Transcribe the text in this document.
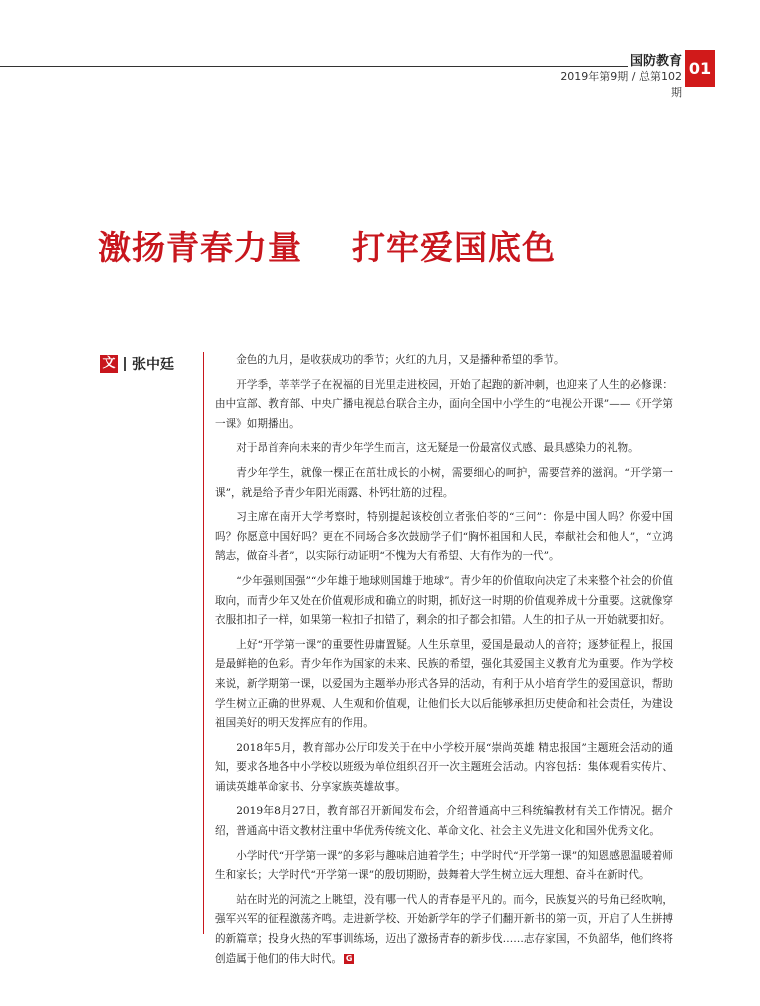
国防教育
2019年第9期 / 总第102期
01
激扬青春力量    打牢爱国底色
文 张中廷	金色的九月，是收获成功的季节；火红的九月，又是播种希望的季节。

开学季，莘莘学子在祝福的目光里走进校园，开始了起跑的新冲刺，也迎来了人生的必修课：由中宣部、教育部、中央广播电视总台联合主办，面向全国中小学生的“电视公开课”——《开学第一课》如期播出。

对于昂首奔向未来的青少年学生而言，这无疑是一份最富仪式感、最具感染力的礼物。

青少年学生，就像一棵正在茁壮成长的小树，需要细心的呵护，需要营养的滋润。“开学第一课”，就是给予青少年阳光雨露、朴钙壮筋的过程。

习主席在南开大学考察时，特别提起该校创立者张伯苓的“三问”：你是中国人吗？你爱中国吗？你愿意中国好吗？更在不同场合多次鼓励学子们“胸怀祖国和人民，奉献社会和他人”，“立鸿鹄志，做奋斗者”，以实际行动证明“不愧为大有希望、大有作为的一代”。

“少年强则国强”“少年雄于地球则国雄于地球”。青少年的价值取向决定了未来整个社会的价值取向，而青少年又处在价值观形成和确立的时期，抓好这一时期的价值观养成十分重要。这就像穿衣服扣扣子一样，如果第一粒扣子扣错了，剩余的扣子都会扣错。人生的扣子从一开始就要扣好。

上好“开学第一课”的重要性毋庸置疑。人生乐章里，爱国是最动人的音符；逐梦征程上，报国是最鲜艳的色彩。青少年作为国家的未来、民族的希望，强化其爱国主义教育尤为重要。作为学校来说，新学期第一课，以爱国为主题举办形式各异的活动，有利于从小培育学生的爱国意识，帮助学生树立正确的世界观、人生观和价值观，让他们长大以后能够承担历史使命和社会责任，为建设祖国美好的明天发挥应有的作用。

2018年5月，教育部办公厅印发关于在中小学校开展“崇尚英雄 精忠报国”主题班会活动的通知，要求各地各中小学校以班级为单位组织召开一次主题班会活动。内容包括：集体观看实传片、诵读英雄革命家书、分享家族英雄故事。

2019年8月27日，教育部召开新闻发布会，介绍普通高中三科统编教材有关工作情况。据介绍，普通高中语文教材注重中华优秀传统文化、革命文化、社会主义先进文化和国外优秀文化。

小学时代“开学第一课”的多彩与趣味启迪着学生；中学时代“开学第一课”的知恩感恩温暖着师生和家长；大学时代“开学第一课”的殷切期盼，鼓舞着大学生树立远大理想、奋斗在新时代。

站在时光的河流之上眺望，没有哪一代人的青春是平凡的。而今，民族复兴的号角已经吹响，强军兴军的征程激荡齐鸣。走进新学校、开始新学年的学子们翻开新书的第一页，开启了人生拼搏的新篇章；投身火热的军事训练场，迈出了激扬青春的新步伐……志存家国，不负韶华，他们终将创造属于他们的伟大时代。 G
